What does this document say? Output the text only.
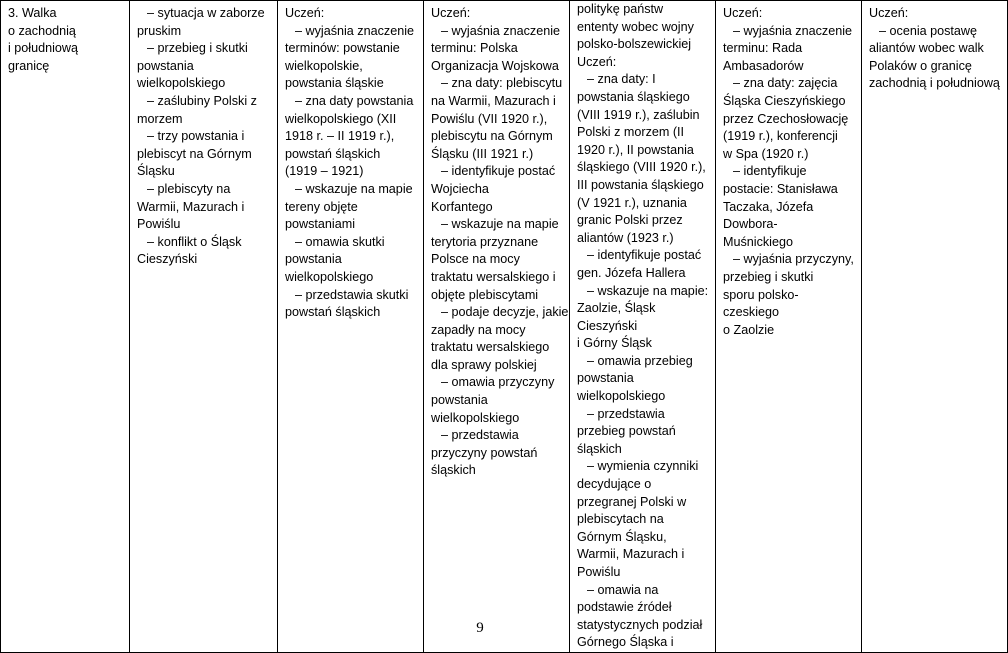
3. Walka
o zachodnią
i południową
granicę

– sytuacja w zaborze
pruskim
– przebieg i skutki
powstania
wielkopolskiego
– zaślubiny Polski z
morzem
– trzy powstania i
plebiscyt na Górnym
Śląsku
– plebiscyty na
Warmii, Mazurach i
Powiślu
– konflikt o Śląsk
Cieszyński

Uczeń:
– wyjaśnia znaczenie
terminów: powstanie
wielkopolskie,
powstania śląskie
– zna daty powstania
wielkopolskiego (XII
1918 r. – II 1919 r.),
powstań śląskich
(1919 – 1921)
– wskazuje na mapie
tereny objęte
powstaniami
– omawia skutki
powstania
wielkopolskiego
– przedstawia skutki
powstań śląskich

Uczeń:
– wyjaśnia znaczenie
terminu: Polska
Organizacja Wojskowa
– zna daty: plebiscytu
na Warmii, Mazurach i
Powiślu (VII 1920 r.),
plebiscytu na Górnym
Śląsku (III 1921 r.)
– identyfikuje postać
Wojciecha
Korfantego
– wskazuje na mapie
terytoria przyznane
Polsce na mocy
traktatu wersalskiego i
objęte plebiscytami
– podaje decyzje, jakie
zapadły na mocy
traktatu wersalskiego
dla sprawy polskiej
– omawia przyczyny
powstania
wielkopolskiego
– przedstawia
przyczyny powstań
śląskich

politykę państw
ententy wobec wojny
polsko-bolszewickiej
Uczeń:
– zna daty: I
powstania śląskiego
(VIII 1919 r.), zaślubin
Polski z morzem (II
1920 r.), II powstania
śląskiego (VIII 1920 r.),
III powstania śląskiego
(V 1921 r.), uznania
granic Polski przez
aliantów (1923 r.)
– identyfikuje postać
gen. Józefa Hallera
– wskazuje na mapie:
Zaolzie, Śląsk
Cieszyński
i Górny Śląsk
– omawia przebieg
powstania
wielkopolskiego
– przedstawia
przebieg powstań
śląskich
– wymienia czynniki
decydujące o
przegranej Polski w
plebiscytach na
Górnym Śląsku,
Warmii, Mazurach i
Powiślu
– omawia na
podstawie źródeł
statystycznych podział
Górnego Śląska i

Uczeń:
– wyjaśnia znaczenie
terminu: Rada
Ambasadorów
– zna daty: zajęcia
Śląska Cieszyńskiego
przez Czechosłowację
(1919 r.), konferencji
w Spa (1920 r.)
– identyfikuje
postacie: Stanisława
Taczaka, Józefa
Dowbora-
Muśnickiego
– wyjaśnia przyczyny,
przebieg i skutki
sporu polsko-
czeskiego
o Zaolzie

Uczeń:
– ocenia postawę
aliantów wobec walk
Polaków o granicę
zachodnią i południową
9
